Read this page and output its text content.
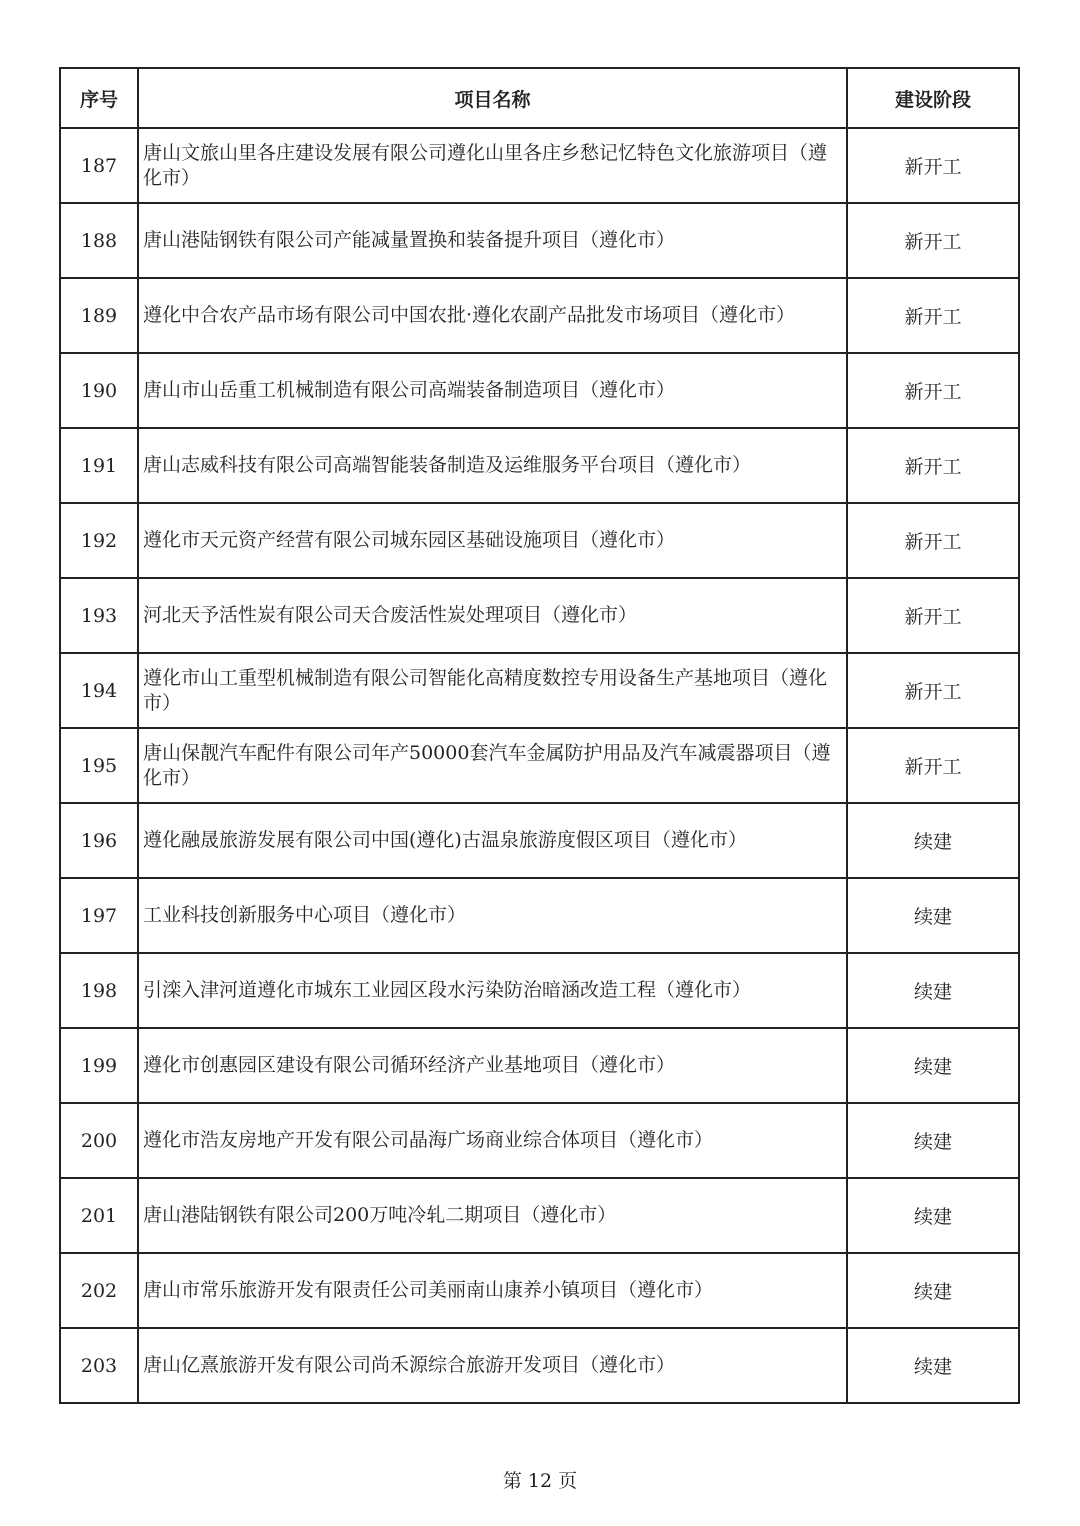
序号	项目名称	建设阶段
187	唐山文旅山里各庄建设发展有限公司遵化山里各庄乡愁记忆特色文化旅游项目（遵化市）	新开工
188	唐山港陆钢铁有限公司产能减量置换和装备提升项目（遵化市）	新开工
189	遵化中合农产品市场有限公司中国农批·遵化农副产品批发市场项目（遵化市）	新开工
190	唐山市山岳重工机械制造有限公司高端装备制造项目（遵化市）	新开工
191	唐山志威科技有限公司高端智能装备制造及运维服务平台项目（遵化市）	新开工
192	遵化市天元资产经营有限公司城东园区基础设施项目（遵化市）	新开工
193	河北天予活性炭有限公司天合废活性炭处理项目（遵化市）	新开工
194	遵化市山工重型机械制造有限公司智能化高精度数控专用设备生产基地项目（遵化市）	新开工
195	唐山保靓汽车配件有限公司年产50000套汽车金属防护用品及汽车减震器项目（遵化市）	新开工
196	遵化融晟旅游发展有限公司中国(遵化)古温泉旅游度假区项目（遵化市）	续建
197	工业科技创新服务中心项目（遵化市）	续建
198	引滦入津河道遵化市城东工业园区段水污染防治暗涵改造工程（遵化市）	续建
199	遵化市创惠园区建设有限公司循环经济产业基地项目（遵化市）	续建
200	遵化市浩友房地产开发有限公司晶海广场商业综合体项目（遵化市）	续建
201	唐山港陆钢铁有限公司200万吨冷轧二期项目（遵化市）	续建
202	唐山市常乐旅游开发有限责任公司美丽南山康养小镇项目（遵化市）	续建
203	唐山亿熹旅游开发有限公司尚禾源综合旅游开发项目（遵化市）	续建
第 12 页
